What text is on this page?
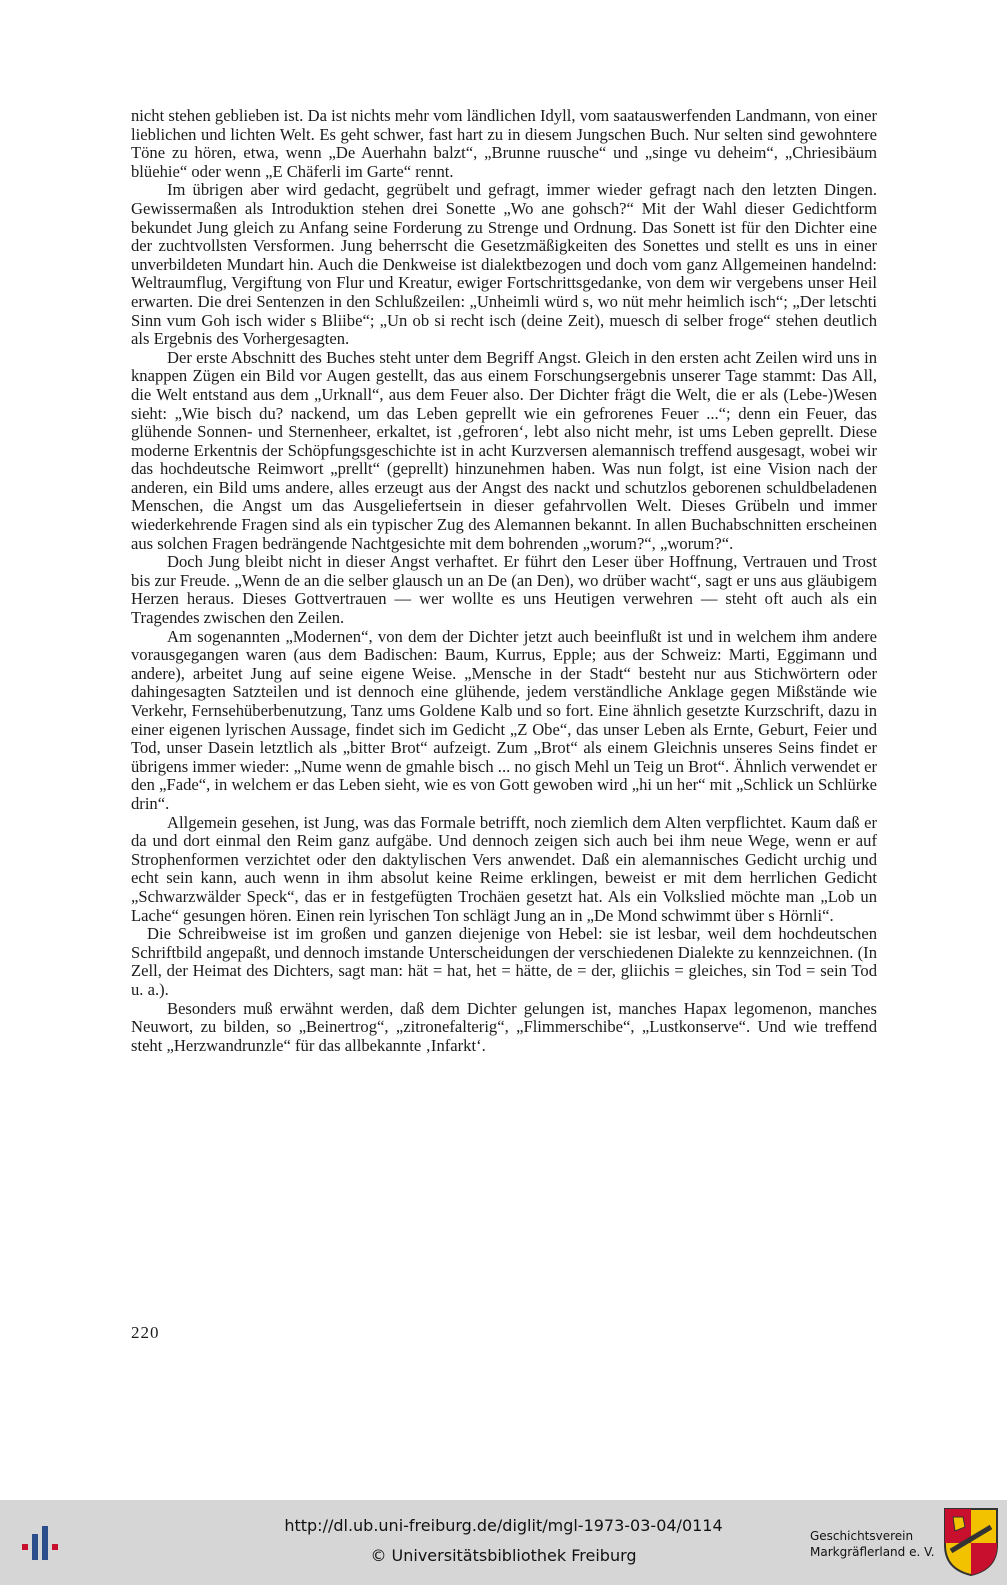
nicht stehen geblieben ist. Da ist nichts mehr vom ländlichen Idyll, vom saatauswerfenden Landmann, von einer lieblichen und lichten Welt. Es geht schwer, fast hart zu in diesem Jungschen Buch. Nur selten sind gewohntere Töne zu hören, etwa, wenn „De Auerhahn balzt“, „Brunne ruusche“ und „singe vu deheim“, „Chriesibäum blüehie“ oder wenn „E Chäferli im Garte“ rennt.

Im übrigen aber wird gedacht, gegrübelt und gefragt, immer wieder gefragt nach den letzten Dingen. Gewissermaßen als Introduktion stehen drei Sonette „Wo ane gohsch?“ Mit der Wahl dieser Gedichtform bekundet Jung gleich zu Anfang seine Forderung zu Strenge und Ordnung. Das Sonett ist für den Dichter eine der zuchtvollsten Versformen. Jung beherrscht die Gesetzmäßigkeiten des Sonettes und stellt es uns in einer unverbildeten Mundart hin. Auch die Denkweise ist dialektbezogen und doch vom ganz Allgemeinen handelnd: Weltraumflug, Vergiftung von Flur und Kreatur, ewiger Fortschrittsgedanke, von dem wir vergebens unser Heil erwarten. Die drei Sentenzen in den Schlußzeilen: „Unheimli würd s, wo nüt mehr heimlich isch“; „Der letschti Sinn vum Goh isch wider s Bliibe“; „Un ob si recht isch (deine Zeit), muesch di selber froge“ stehen deutlich als Ergebnis des Vorhergesagten.

Der erste Abschnitt des Buches steht unter dem Begriff Angst. Gleich in den ersten acht Zeilen wird uns in knappen Zügen ein Bild vor Augen gestellt, das aus einem Forschungsergebnis unserer Tage stammt: Das All, die Welt entstand aus dem „Urknall“, aus dem Feuer also. Der Dichter frägt die Welt, die er als (Lebe-)Wesen sieht: „Wie bisch du? nackend, um das Leben geprellt wie ein gefrorenes Feuer ...“; denn ein Feuer, das glühende Sonnen- und Sternenheer, erkaltet, ist ‚gefroren‘, lebt also nicht mehr, ist ums Leben geprellt. Diese moderne Erkentnis der Schöpfungsgeschichte ist in acht Kurzversen alemannisch treffend ausgesagt, wobei wir das hochdeutsche Reimwort „prellt“ (geprellt) hinzunehmen haben. Was nun folgt, ist eine Vision nach der anderen, ein Bild ums andere, alles erzeugt aus der Angst des nackt und schutzlos geborenen schuldbeladenen Menschen, die Angst um das Ausgeliefertsein in dieser gefahrvollen Welt. Dieses Grübeln und immer wiederkehrende Fragen sind als ein typischer Zug des Alemannen bekannt. In allen Buchabschnitten erscheinen aus solchen Fragen bedrängende Nachtgesichte mit dem bohrenden „worum?“, „worum?“.

Doch Jung bleibt nicht in dieser Angst verhaftet. Er führt den Leser über Hoffnung, Vertrauen und Trost bis zur Freude. „Wenn de an die selber glausch un an De (an Den), wo drüber wacht“, sagt er uns aus gläubigem Herzen heraus. Dieses Gottvertrauen — wer wollte es uns Heutigen verwehren — steht oft auch als ein Tragendes zwischen den Zeilen.

Am sogenannten „Modernen“, von dem der Dichter jetzt auch beeinflußt ist und in welchem ihm andere vorausgegangen waren (aus dem Badischen: Baum, Kurrus, Epple; aus der Schweiz: Marti, Eggimann und andere), arbeitet Jung auf seine eigene Weise. „Mensche in der Stadt“ besteht nur aus Stichwörtern oder dahingesagten Satzteilen und ist dennoch eine glühende, jedem verständliche Anklage gegen Mißstände wie Verkehr, Fernsehüberbenutzung, Tanz ums Goldene Kalb und so fort. Eine ähnlich gesetzte Kurzschrift, dazu in einer eigenen lyrischen Aussage, findet sich im Gedicht „Z Obe“, das unser Leben als Ernte, Geburt, Feier und Tod, unser Dasein letztlich als „bitter Brot“ aufzeigt. Zum „Brot“ als einem Gleichnis unseres Seins findet er übrigens immer wieder: „Nume wenn de gmahle bisch ... no gisch Mehl un Teig un Brot“. Ähnlich verwendet er den „Fade“, in welchem er das Leben sieht, wie es von Gott gewoben wird „hi un her“ mit „Schlick un Schlürke drin“.

Allgemein gesehen, ist Jung, was das Formale betrifft, noch ziemlich dem Alten verpflichtet. Kaum daß er da und dort einmal den Reim ganz aufgäbe. Und dennoch zeigen sich auch bei ihm neue Wege, wenn er auf Strophenformen verzichtet oder den daktylischen Vers anwendet. Daß ein alemannisches Gedicht urchig und echt sein kann, auch wenn in ihm absolut keine Reime erklingen, beweist er mit dem herrlichen Gedicht „Schwarzwälder Speck“, das er in festgefügten Trochäen gesetzt hat. Als ein Volkslied möchte man „Lob un Lache“ gesungen hören. Einen rein lyrischen Ton schlägt Jung an in „De Mond schwimmt über s Hörnli“.

Die Schreibweise ist im großen und ganzen diejenige von Hebel: sie ist lesbar, weil dem hochdeutschen Schriftbild angepaßt, und dennoch imstande Unterscheidungen der verschiedenen Dialekte zu kennzeichnen. (In Zell, der Heimat des Dichters, sagt man: hät = hat, het = hätte, de = der, gliichis = gleiches, sin Tod = sein Tod u. a.).

Besonders muß erwähnt werden, daß dem Dichter gelungen ist, manches Hapax legomenon, manches Neuwort, zu bilden, so „Beinertrog“, „zitronefalterig“, „Flimmerschibe“, „Lustkonserve“. Und wie treffend steht „Herzwandrunzle“ für das allbekannte ‚Infarkt‘.

220
http://dl.ub.uni-freiburg.de/diglit/mgl-1973-03-04/0114
© Universitätsbibliothek Freiburg
Geschichtsverein
Markgräflerland e. V.
